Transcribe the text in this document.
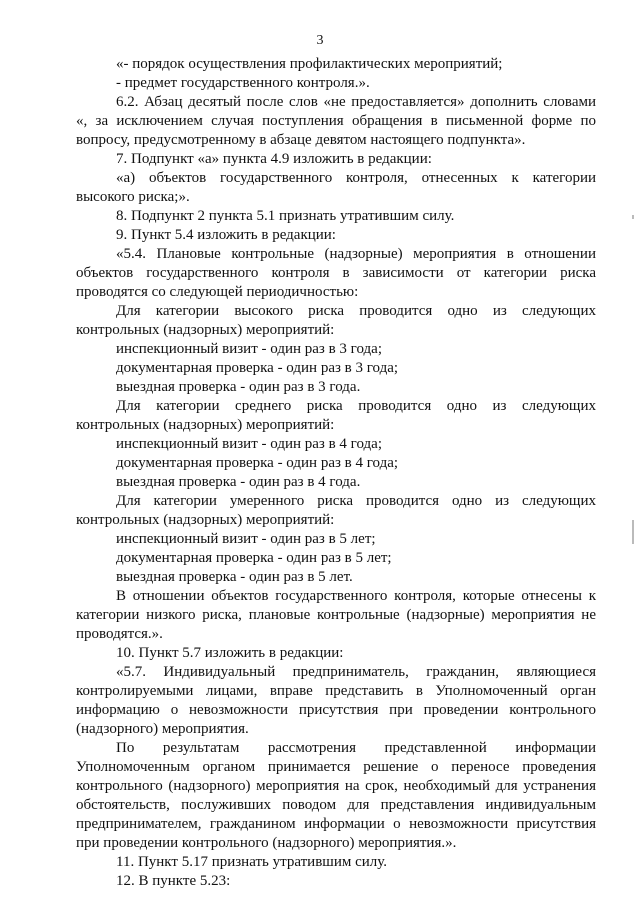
3
«- порядок осуществления профилактических мероприятий;
- предмет государственного контроля.».
6.2. Абзац десятый после слов «не предоставляется» дополнить словами
«, за исключением случая поступления обращения в письменной форме по
вопросу, предусмотренному в абзаце девятом настоящего подпункта».
7. Подпункт «а» пункта 4.9 изложить в редакции:
«а) объектов государственного контроля, отнесенных к категории
высокого риска;».
8. Подпункт 2 пункта 5.1 признать утратившим силу.
9. Пункт 5.4 изложить в редакции:
«5.4. Плановые контрольные (надзорные) мероприятия в отношении
объектов государственного контроля в зависимости от категории риска
проводятся со следующей периодичностью:
Для категории высокого риска проводится одно из следующих
контрольных (надзорных) мероприятий:
инспекционный визит - один раз в 3 года;
документарная проверка - один раз в 3 года;
выездная проверка - один раз в 3 года.
Для категории среднего риска проводится одно из следующих
контрольных (надзорных) мероприятий:
инспекционный визит - один раз в 4 года;
документарная проверка - один раз в 4 года;
выездная проверка - один раз в 4 года.
Для категории умеренного риска проводится одно из следующих
контрольных (надзорных) мероприятий:
инспекционный визит - один раз в 5 лет;
документарная проверка - один раз в 5 лет;
выездная проверка - один раз в 5 лет.
В отношении объектов государственного контроля, которые отнесены к
категории низкого риска, плановые контрольные (надзорные) мероприятия не
проводятся.».
10. Пункт 5.7 изложить в редакции:
«5.7. Индивидуальный предприниматель, гражданин, являющиеся
контролируемыми лицами, вправе представить в Уполномоченный орган
информацию о невозможности присутствия при проведении контрольного
(надзорного) мероприятия.
По результатам рассмотрения представленной информации
Уполномоченным органом принимается решение о переносе проведения
контрольного (надзорного) мероприятия на срок, необходимый для устранения
обстоятельств, послуживших поводом для представления индивидуальным
предпринимателем, гражданином информации о невозможности присутствия
при проведении контрольного (надзорного) мероприятия.».
11. Пункт 5.17 признать утратившим силу.
12. В пункте 5.23:
